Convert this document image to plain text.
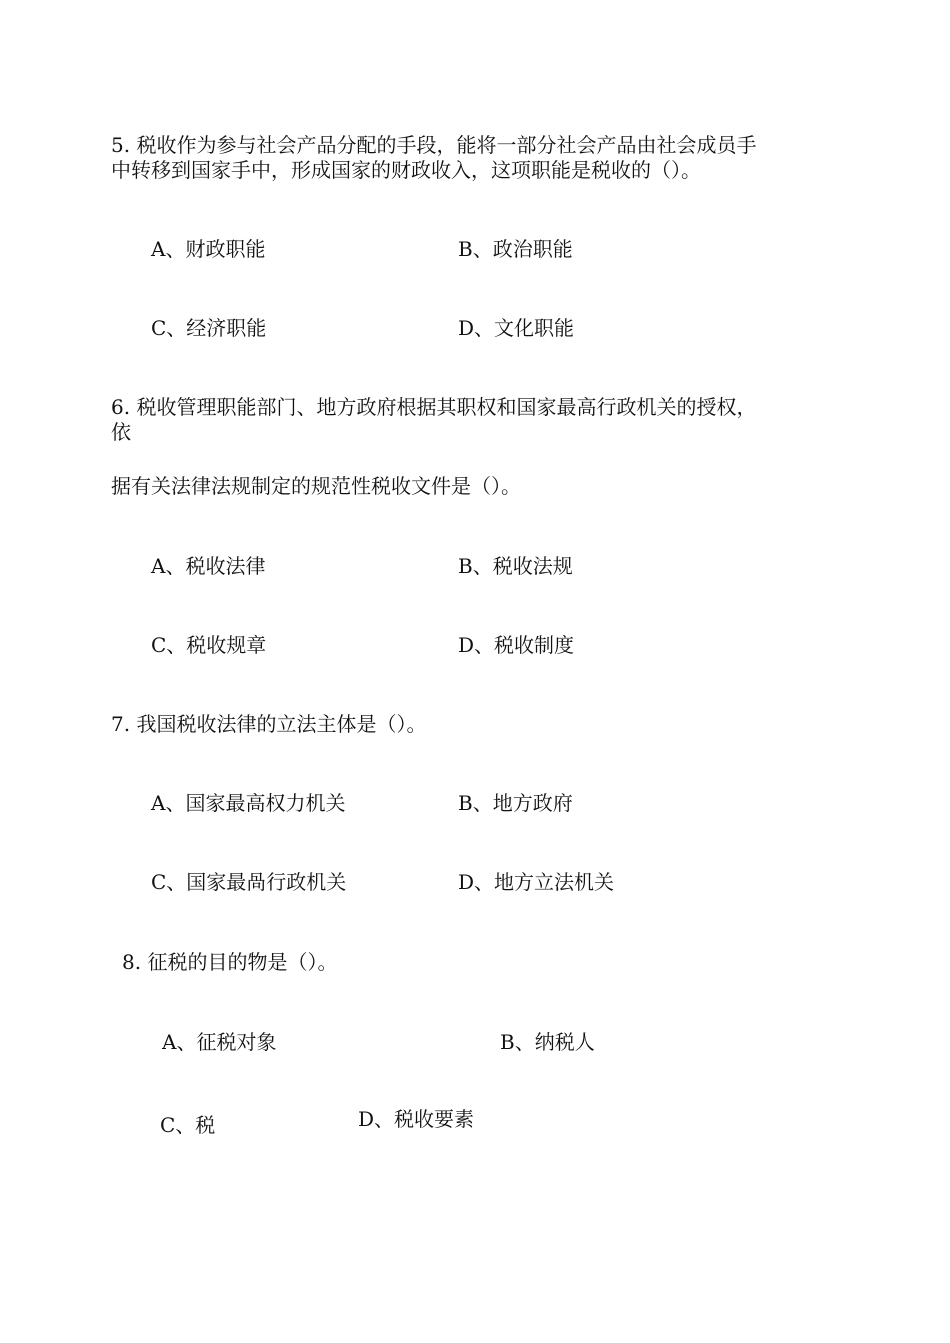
5. 税收作为参与社会产品分配的手段，能将一部分社会产品由社会成员手

中转移到国家手中，形成国家的财政收入，这项职能是税收的（）。

A、财政职能	B、政治职能

C、经济职能	D、文化职能

6. 税收管理职能部门、地方政府根据其职权和国家最高行政机关的授权，

依

据有关法律法规制定的规范性税收文件是（）。

A、税收法律	B、税收法规

C、税收规章	D、税收制度

7. 我国税收法律的立法主体是（）。

A、国家最高权力机关	B、地方政府

C、国家最咼行政机关	D、地方立法机关

8. 征税的目的物是（）。

A、征税对象	B、纳税人

C、税	D、税收要素
